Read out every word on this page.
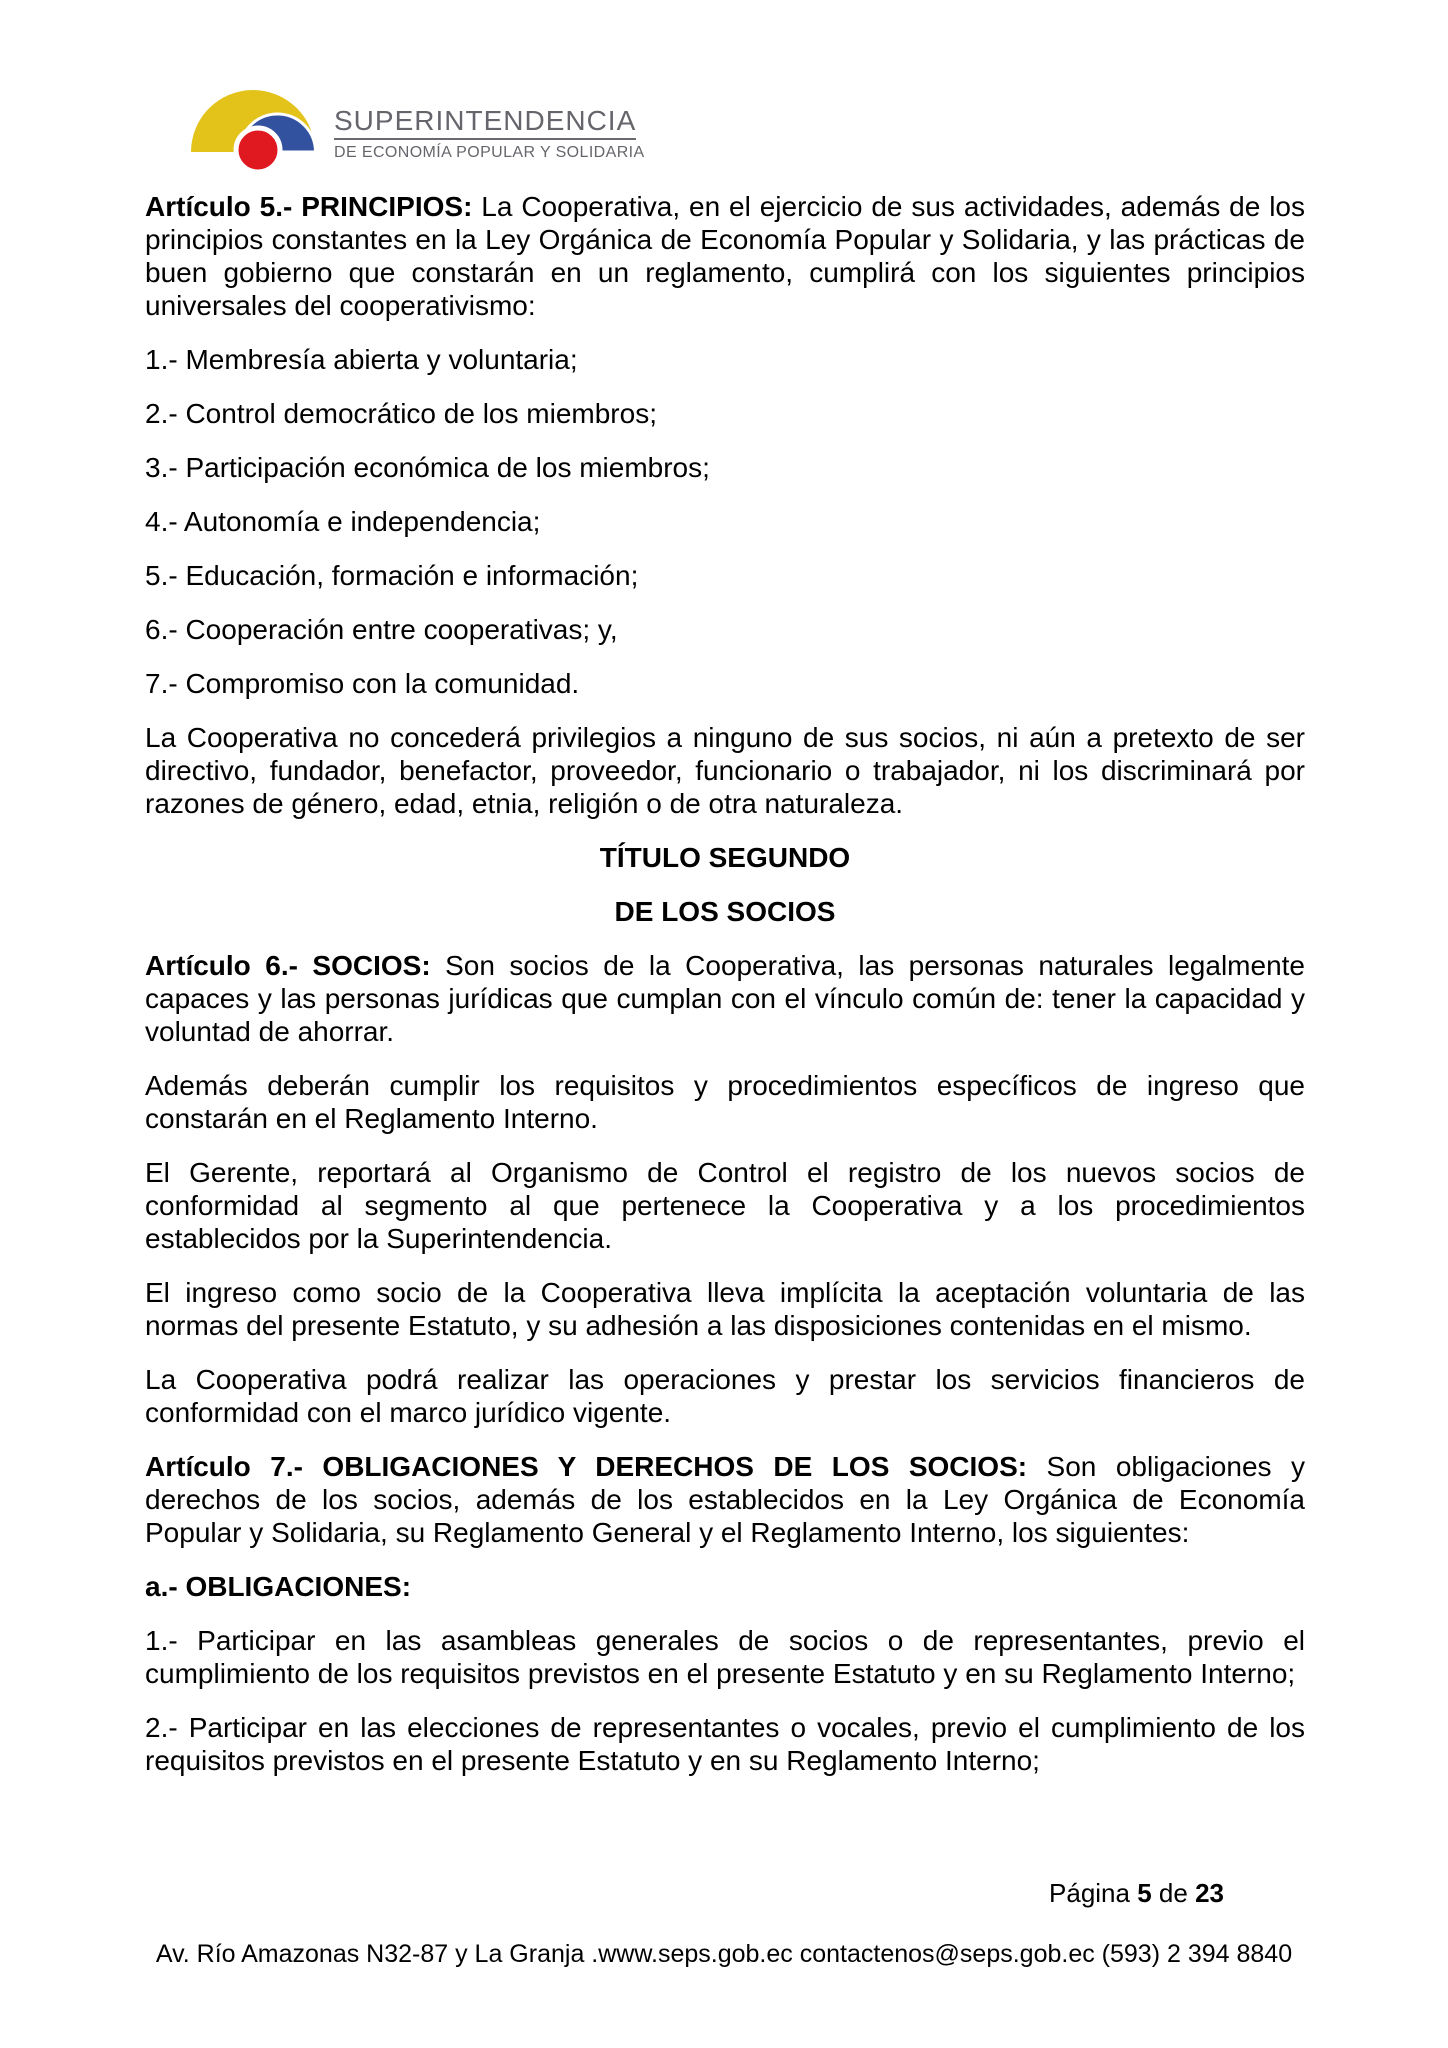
SUPERINTENDENCIA
DE ECONOMÍA POPULAR Y SOLIDARIA

Artículo 5.- PRINCIPIOS: La Cooperativa, en el ejercicio de sus actividades, además de los principios constantes en la Ley Orgánica de Economía Popular y Solidaria, y las prácticas de buen gobierno que constarán en un reglamento, cumplirá con los siguientes principios universales del cooperativismo:

1.- Membresía abierta y voluntaria;

2.- Control democrático de los miembros;

3.- Participación económica de los miembros;

4.- Autonomía e independencia;

5.- Educación, formación e información;

6.- Cooperación entre cooperativas; y,

7.- Compromiso con la comunidad.

La Cooperativa no concederá privilegios a ninguno de sus socios, ni aún a pretexto de ser directivo, fundador, benefactor, proveedor, funcionario o trabajador, ni los discriminará por razones de género, edad, etnia, religión o de otra naturaleza.

TÍTULO SEGUNDO

DE LOS SOCIOS

Artículo 6.- SOCIOS: Son socios de la Cooperativa, las personas naturales legalmente capaces y las personas jurídicas que cumplan con el vínculo común de: tener la capacidad y voluntad de ahorrar.

Además deberán cumplir los requisitos y procedimientos específicos de ingreso que constarán en el Reglamento Interno.

El Gerente, reportará al Organismo de Control el registro de los nuevos socios de conformidad al segmento al que pertenece la Cooperativa y a los procedimientos establecidos por la Superintendencia.

El ingreso como socio de la Cooperativa lleva implícita la aceptación voluntaria de las normas del presente Estatuto, y su adhesión a las disposiciones contenidas en el mismo.

La Cooperativa podrá realizar las operaciones y prestar los servicios financieros de conformidad con el marco jurídico vigente.

Artículo 7.- OBLIGACIONES Y DERECHOS DE LOS SOCIOS: Son obligaciones y derechos de los socios, además de los establecidos en la Ley Orgánica de Economía Popular y Solidaria, su Reglamento General y el Reglamento Interno, los siguientes:

a.- OBLIGACIONES:

1.- Participar en las asambleas generales de socios o de representantes, previo el cumplimiento de los requisitos previstos en el presente Estatuto y en su Reglamento Interno;

2.- Participar en las elecciones de representantes o vocales, previo el cumplimiento de los requisitos previstos en el presente Estatuto y en su Reglamento Interno;

Página 5 de 23
Av. Río Amazonas N32-87 y La Granja .www.seps.gob.ec contactenos@seps.gob.ec (593) 2 394 8840
